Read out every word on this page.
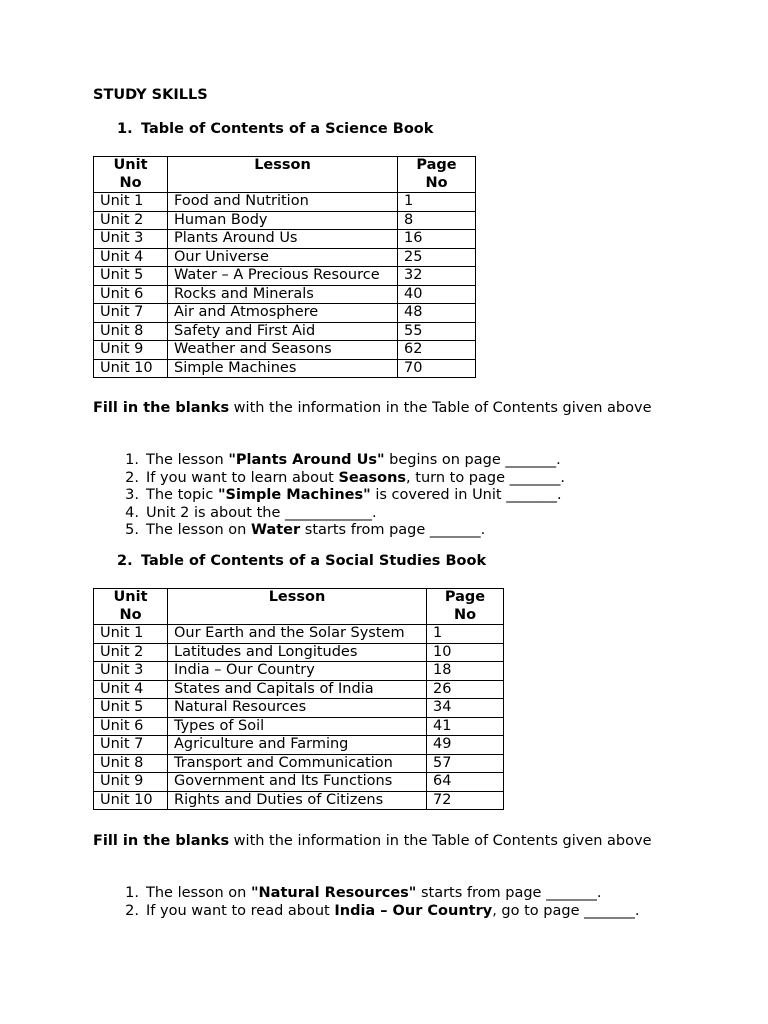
STUDY SKILLS
1. Table of Contents of a Science Book
Unit No	Lesson	Page No
Unit 1	Food and Nutrition	1
Unit 2	Human Body	8
Unit 3	Plants Around Us	16
Unit 4	Our Universe	25
Unit 5	Water – A Precious Resource	32
Unit 6	Rocks and Minerals	40
Unit 7	Air and Atmosphere	48
Unit 8	Safety and First Aid	55
Unit 9	Weather and Seasons	62
Unit 10	Simple Machines	70
Fill in the blanks with the information in the Table of Contents given above
1. The lesson "Plants Around Us" begins on page _______.
2. If you want to learn about Seasons, turn to page _______.
3. The topic "Simple Machines" is covered in Unit _______.
4. Unit 2 is about the ____________.
5. The lesson on Water starts from page _______.
2. Table of Contents of a Social Studies Book
Unit No	Lesson	Page No
Unit 1	Our Earth and the Solar System	1
Unit 2	Latitudes and Longitudes	10
Unit 3	India – Our Country	18
Unit 4	States and Capitals of India	26
Unit 5	Natural Resources	34
Unit 6	Types of Soil	41
Unit 7	Agriculture and Farming	49
Unit 8	Transport and Communication	57
Unit 9	Government and Its Functions	64
Unit 10	Rights and Duties of Citizens	72
Fill in the blanks with the information in the Table of Contents given above
1. The lesson on "Natural Resources" starts from page _______.
2. If you want to read about India – Our Country, go to page _______.
